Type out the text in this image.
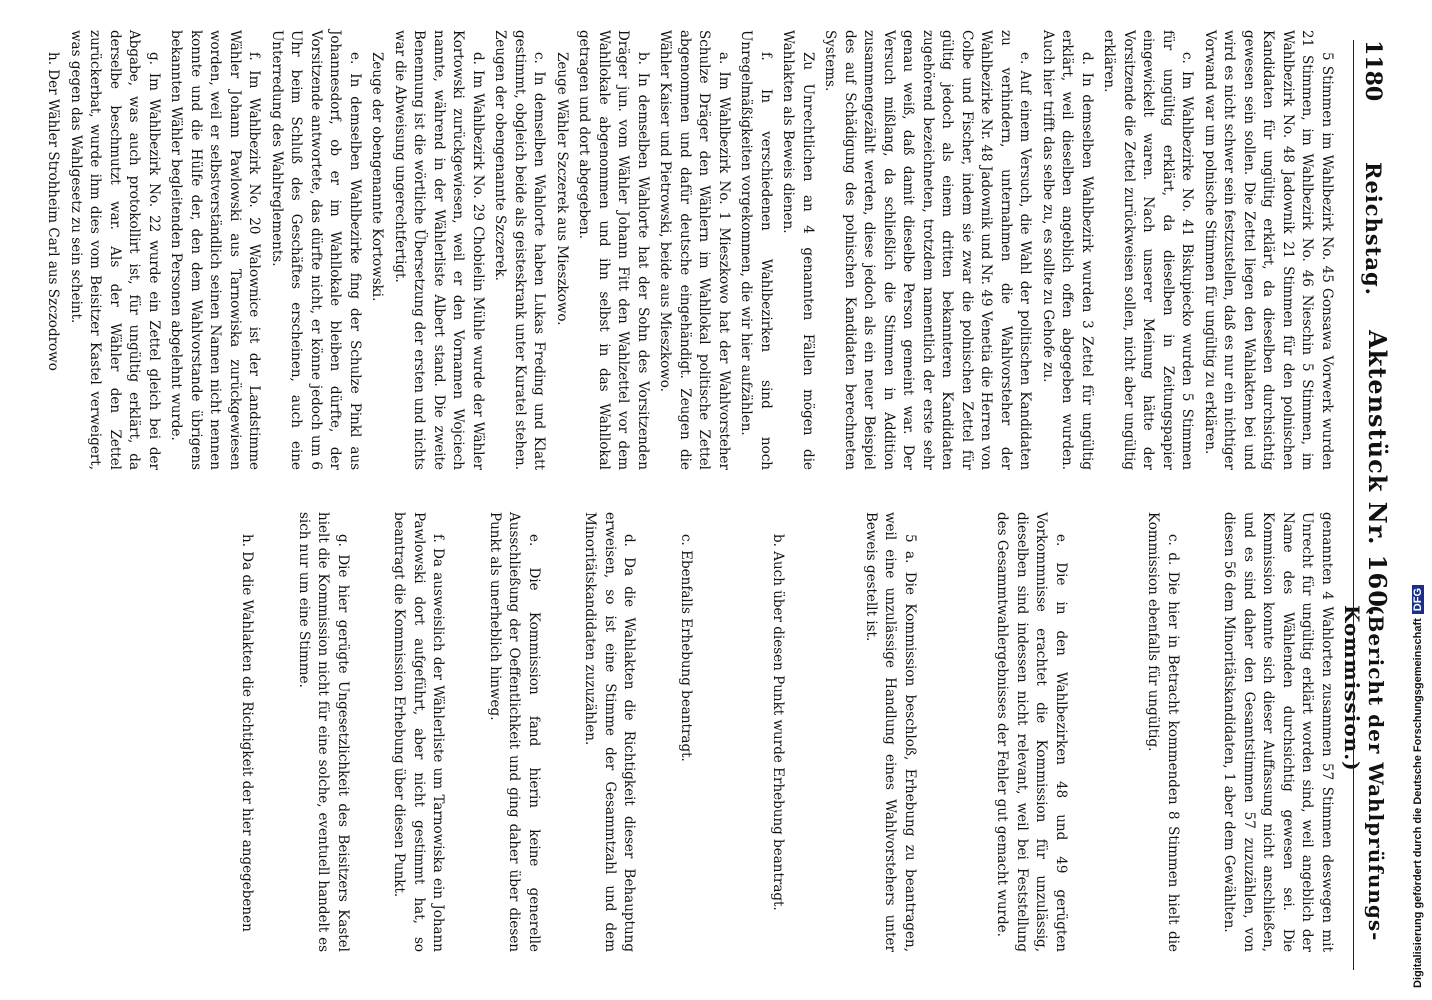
1180
Reichstag.
Aktenstück Nr. 160.
(Bericht der Wahlprüfungs-Kommission.)

5 Stimmen im Wahlbezirk No. 45 Gonsawa Vorwerk wurden 21 Stimmen, im Wahlbezirk No. 46 Nieschin 5 Stimmen, im Wahlbezirk No. 48 Jadownik 21 Stimmen für den polnischen Kandidaten für ungültig erklärt, da dieselben durchsichtig gewesen sein sollen. Die Zettel liegen den Wahlakten bei und wird es nicht schwer sein festzustellen, daß es nur ein nichtiger Vorwand war um polnische Stimmen für ungültig zu erklären.

c. Im Wahlbezirke No. 41 Biskupiecko wurden 5 Stimmen für ungültig erklärt, da dieselben in Zeitungspapier eingewickelt waren. Nach unserer Meinung hätte der Vorsitzende die Zettel zurückweisen sollen, nicht aber ungültig erklären.

d. In demselben Wahlbezirk wurden 3 Zettel für ungültig erklärt, weil dieselben angeblich offen abgegeben wurden. Auch hier trifft das selbe zu, es sollte zu Gehofe zu.

e. Auf einem Versuch, die Wahl der politischen Kandidaten zu verhindern, unternahmen die Wahlvorsteher der Wahlbezirke Nr. 48 Jadownik und Nr. 49 Venetia die Herren von Colbe und Fischer, indem sie zwar die polnischen Zettel für gültig jedoch als einem dritten bekannteren Kandidaten zugehörend bezeichneten, trotzdem namentlich der erste sehr genau weiß, daß damit dieselbe Person gemeint war. Der Versuch mißlang, da schließlich die Stimmen in Addition zusammengezählt werden, diese jedoch als ein neuer Beispiel des auf Schädigung des polnischen Kandidaten berechneten Systems.

Zu Unrechtlichen an 4 genannten Fällen mögen die Wahlakten als Beweis dienen.

f. In verschiedenen Wahlbezirken sind noch Unregelmäßigkeiten vorgekommen, die wir hier aufzählen.

a. Im Wahlbezirk No. 1 Mieszkowo hat der Wahlvorsteher Schulze Dräger den Wählern im Wahllokal politische Zettel abgenommen und dafür deutsche eingehändigt. Zeugen die Wähler Kaiser und Pietrowski, beide aus Mieszkowo.

b. In demselben Wahlorte hat der Sohn des Vorsitzenden Dräger jun. vom Wähler Johann Fitt den Wahlzettel vor dem Wahllokale abgenommen und ihn selbst in das Wahllokal getragen und dort abgegeben.

Zeuge Wähler Szczerek aus Mieszkowo.

c. In demselben Wahlorte haben Lukas Freding und Klatt gestimmt, obgleich beide als geisteskrank unter Kuratel stehen. Zeugen der obengenannte Szczerek.

d. Im Wahlbezirk No. 29 Chobielin Mühle wurde der Wähler Kortowski zurückgewiesen, weil er den Vornamen Wojciech nannte, während in der Wählerliste Albert stand. Die zweite Benennung ist die wörtliche Übersetzung der ersten und nichts war die Abweisung ungerechtfertigt.

Zeuge der obengenannte Kortowski.

e. In demselben Wahlbezirke fing der Schulze Pinkl aus Johannesdorf, ob er im Wahllokale bleiben dürfte, der Vorsitzende antwortete, das dürfte nicht, er könne jedoch um 6 Uhr beim Schluß des Geschäftes erscheinen, auch eine Unterredung des Wahlreglements.

f. Im Wahlbezirk No. 20 Walownice ist der Landstimme Wähler Johann Pawlowski aus Tarnowiska zurückgewiesen worden, weil er selbstverständlich seinen Namen nicht nennen konnte und die Hülfe der, den dem Wahlvorstande übrigens bekannten Wähler begleitenden Personen abgelehnt wurde.

g. Im Wahlbezirk No. 22 wurde ein Zettel gleich bei der Abgabe, was auch protokollirt ist, für ungültig erklärt, da derselbe beschmutzt war. Als der Wähler den Zettel zurückerbat, wurde ihm dies vom Beisitzer Kastel verweigert, was gegen das Wahlgesetz zu sein scheint.

h. Der Wähler Strohheim Carl aus Szczodrowo

genannten 4 Wahlorten zusammen 57 Stimmen deswegen mit Unrecht für ungültig erklärt worden sind, weil angeblich der Name des Wählenden durchsichtig gewesen sei. Die Kommission konnte sich dieser Auffassung nicht anschließen, und es sind daher den Gesamtstimmen 57 zuzuzählen, von diesen 56 dem Minoritätskandidaten, 1 aber dem Gewählten.

c. d. Die hier in Betracht kommenden 8 Stimmen hielt die Kommission ebenfalls für ungültig.

e. Die in den Wahlbezirken 48 und 49 gerügten Vorkommnisse erachtet die Kommission für unzulässig, dieselben sind indessen nicht relevant, weil bei Feststellung des Gesammtwahlergebnisses der Fehler gut gemacht wurde.

5 a. Die Kommission beschloß, Erhebung zu beantragen, weil eine unzulässige Handlung eines Wahlvorstehers unter Beweis gestellt ist.

b. Auch über diesen Punkt wurde Erhebung beantragt.

c. Ebenfalls Erhebung beantragt.

d. Da die Wahlakten die Richtigkeit dieser Behauptung erweisen, so ist eine Stimme der Gesammtzahl und dem Minoritätskandidaten zuzuzählen.

e. Die Kommission fand hierin keine generelle Ausschließung der Oeffentlichkeit und ging daher über diesen Punkt als unerheblich hinweg.

f. Da ausweislich der Wählerliste um Tarnowiska ein Johann Pawlowski dort aufgeführt, aber nicht gestimmt hat, so beantragt die Kommission Erhebung über diesen Punkt.

g. Die hier gerügte Ungesetzlichkeit des Beisitzers Kastel hielt die Kommission nicht für eine solche, eventuell handelt es sich nur um eine Stimme.

h. Da die Wahlakten die Richtigkeit der hier angegebenen	Digitalisierung gefördert durch die Deutsche ForschungsgemeinschaftDFG
